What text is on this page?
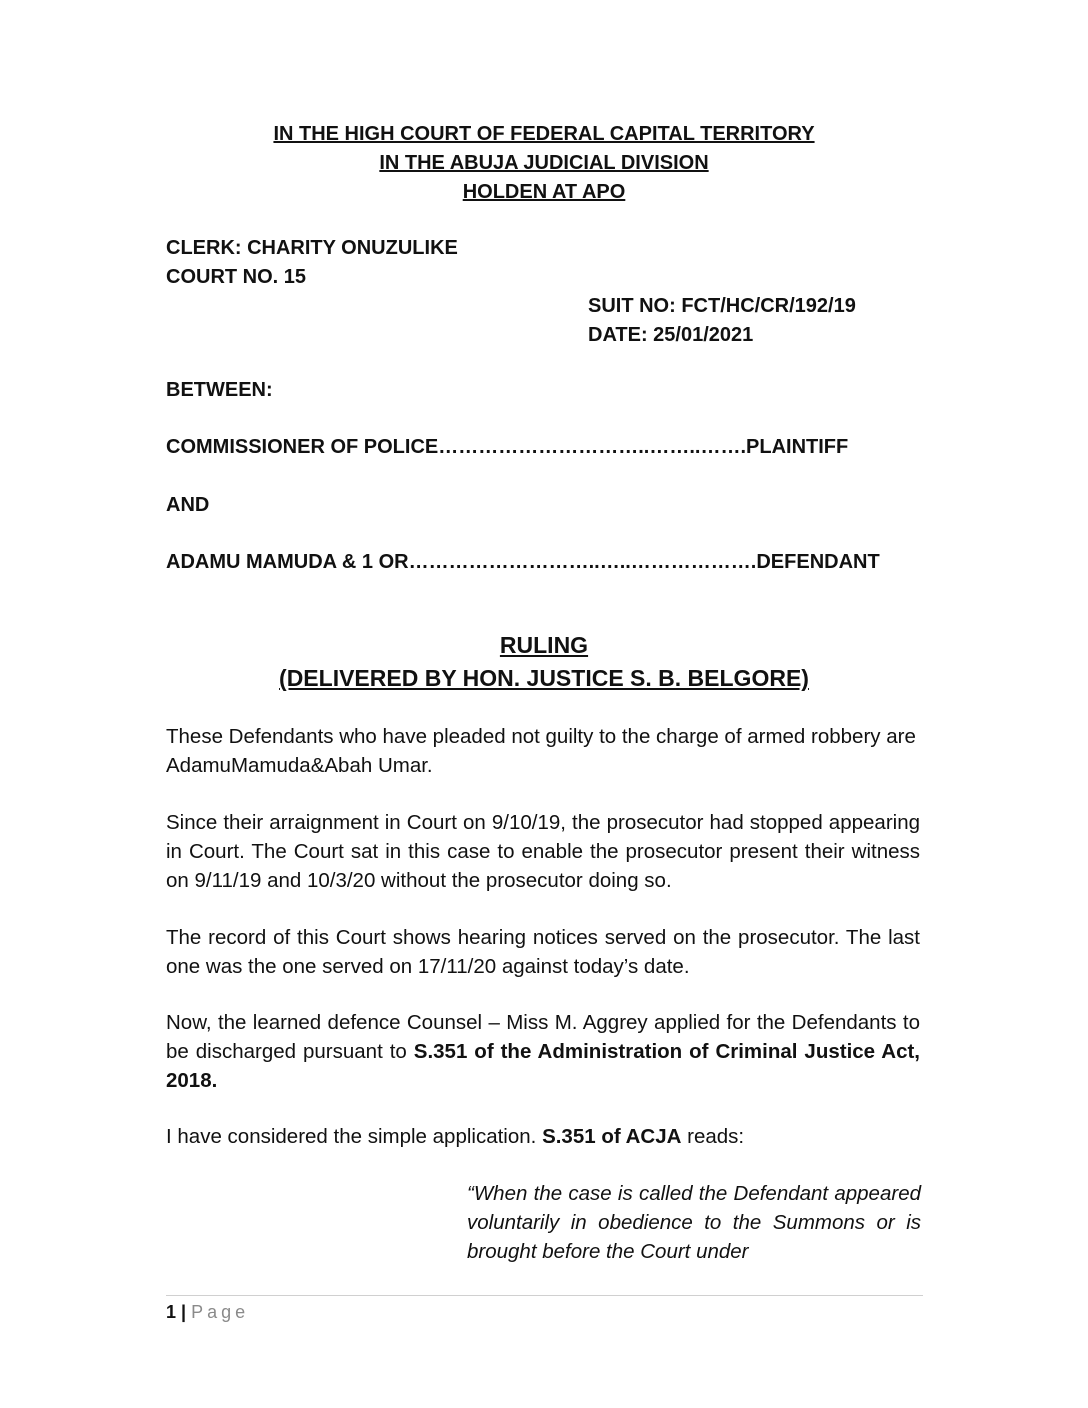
IN THE HIGH COURT OF FEDERAL CAPITAL TERRITORY
IN THE ABUJA JUDICIAL DIVISION
HOLDEN AT APO
CLERK: CHARITY ONUZULIKE
COURT NO. 15
SUIT NO: FCT/HC/CR/192/19
DATE: 25/01/2021
BETWEEN:
COMMISSIONER OF POLICE…………………………..……..…….PLAINTIFF
AND
ADAMU MAMUDA & 1 OR………………………..…..……………….DEFENDANT
RULING
(DELIVERED BY HON. JUSTICE S. B. BELGORE)
These Defendants who have pleaded not guilty to the charge of armed robbery are AdamuMamuda&Abah Umar.
Since their arraignment in Court on 9/10/19, the prosecutor had stopped appearing in Court. The Court sat in this case to enable the prosecutor present their witness on 9/11/19 and 10/3/20 without the prosecutor doing so.
The record of this Court shows hearing notices served on the prosecutor. The last one was the one served on 17/11/20 against today’s date.
Now, the learned defence Counsel – Miss M. Aggrey applied for the Defendants to be discharged pursuant to S.351 of the Administration of Criminal Justice Act, 2018.
I have considered the simple application. S.351 of ACJA reads:
“When the case is called the Defendant appeared voluntarily in obedience to the Summons or is brought before the Court under
1 | Page
